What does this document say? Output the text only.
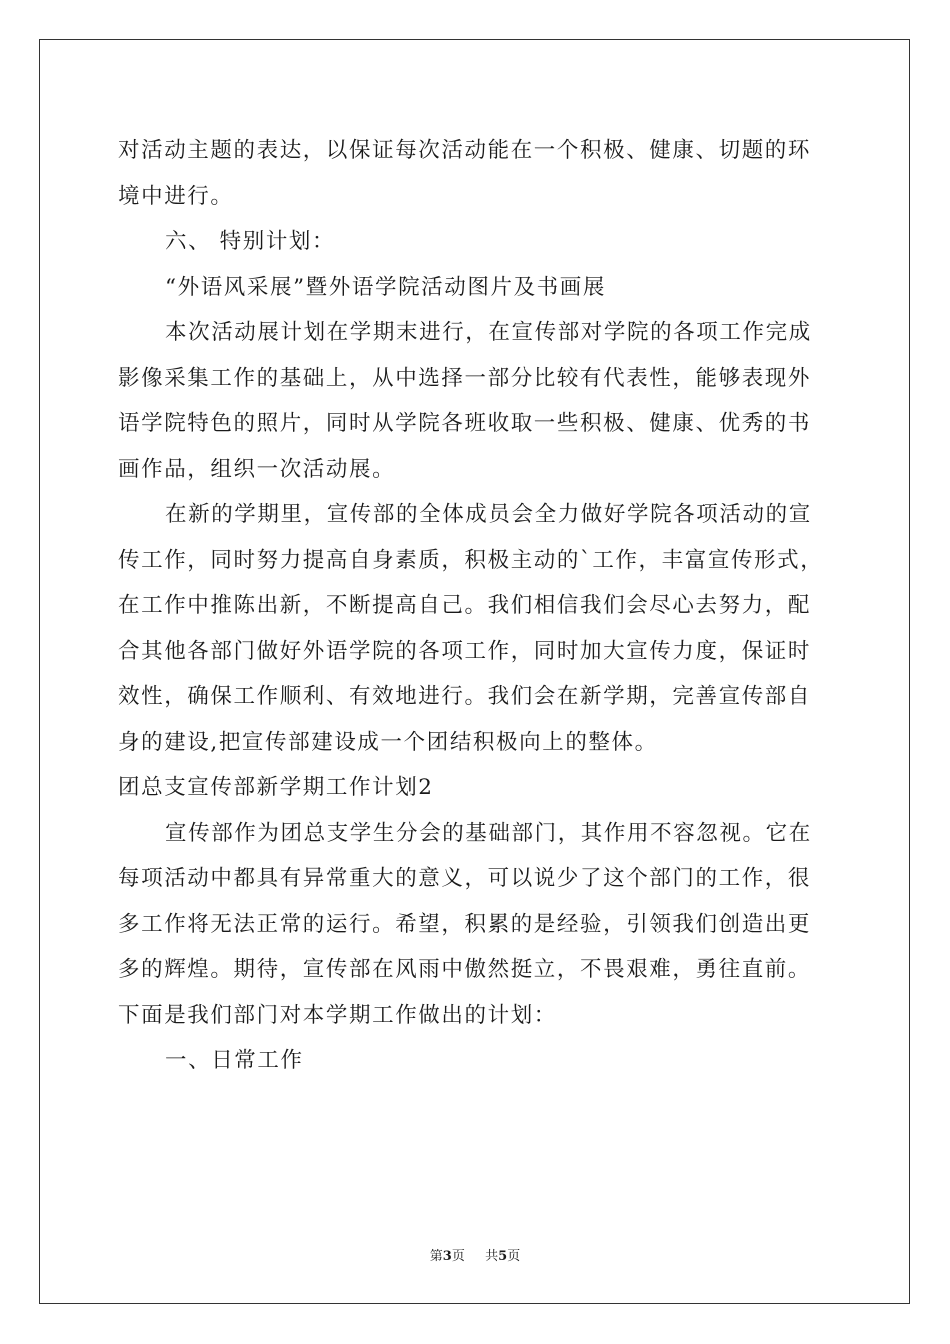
对活动主题的表达，以保证每次活动能在一个积极、健康、切题的环
境中进行。
六、 特别计划：
“外语风采展”暨外语学院活动图片及书画展
本次活动展计划在学期末进行，在宣传部对学院的各项工作完成
影像采集工作的基础上，从中选择一部分比较有代表性，能够表现外
语学院特色的照片，同时从学院各班收取一些积极、健康、优秀的书
画作品，组织一次活动展。
在新的学期里，宣传部的全体成员会全力做好学院各项活动的宣
传工作，同时努力提高自身素质，积极主动的`工作，丰富宣传形式，
在工作中推陈出新，不断提高自己。我们相信我们会尽心去努力，配
合其他各部门做好外语学院的各项工作，同时加大宣传力度，保证时
效性，确保工作顺利、有效地进行。我们会在新学期，完善宣传部自
身的建设,把宣传部建设成一个团结积极向上的整体。
团总支宣传部新学期工作计划2
宣传部作为团总支学生分会的基础部门，其作用不容忽视。它在
每项活动中都具有异常重大的意义，可以说少了这个部门的工作，很
多工作将无法正常的运行。希望，积累的是经验，引领我们创造出更
多的辉煌。期待，宣传部在风雨中傲然挺立，不畏艰难，勇往直前。
下面是我们部门对本学期工作做出的计划：
一、日常工作
第3页 共5页
